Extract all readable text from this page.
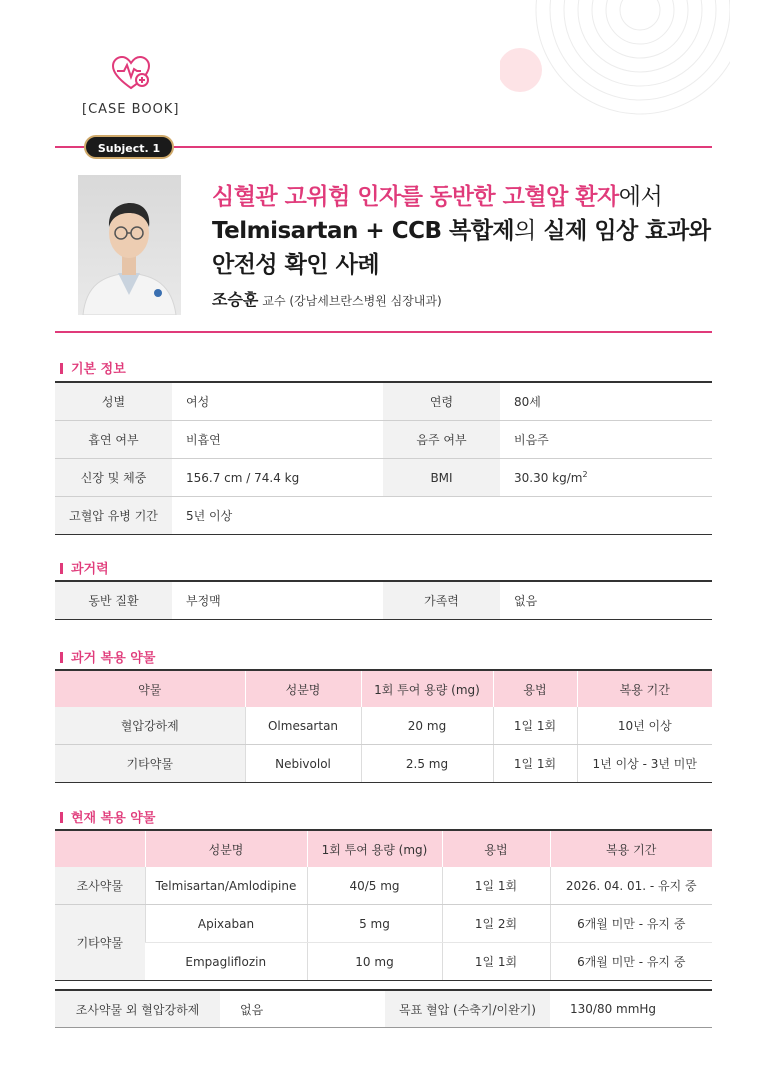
[CASE BOOK]
Subject. 1
심혈관 고위험 인자를 동반한 고혈압 환자에서
Telmisartan + CCB 복합제의 실제 임상 효과와
안전성 확인 사례
조승훈 교수 (강남세브란스병원 심장내과)
기본 정보
성별	여성	연령	80세
흡연 여부	비흡연	음주 여부	비음주
신장 및 체중	156.7 cm / 74.4 kg	BMI	30.30 $kg/m^2$
고혈압 유병 기간	5년 이상		
과거력
동반 질환	부정맥	가족력	없음
과거 복용 약물
약물	성분명	1회 투여 용량 (mg)	용법	복용 기간
혈압강하제	Olmesartan	20 mg	1일 1회	10년 이상
기타약물	Nebivolol	2.5 mg	1일 1회	1년 이상 - 3년 미만
현재 복용 약물
	성분명	1회 투여 용량 (mg)	용법	복용 기간
조사약물	Telmisartan/Amlodipine	40/5 mg	1일 1회	2026. 04. 01. - 유지 중
기타약물	Apixaban	5 mg	1일 2회	6개월 미만 - 유지 중
	Empagliflozin	10 mg	1일 1회	6개월 미만 - 유지 중
조사약물 외 혈압강하제	없음	목표 혈압 (수축기/이완기)	130/80 mmHg
